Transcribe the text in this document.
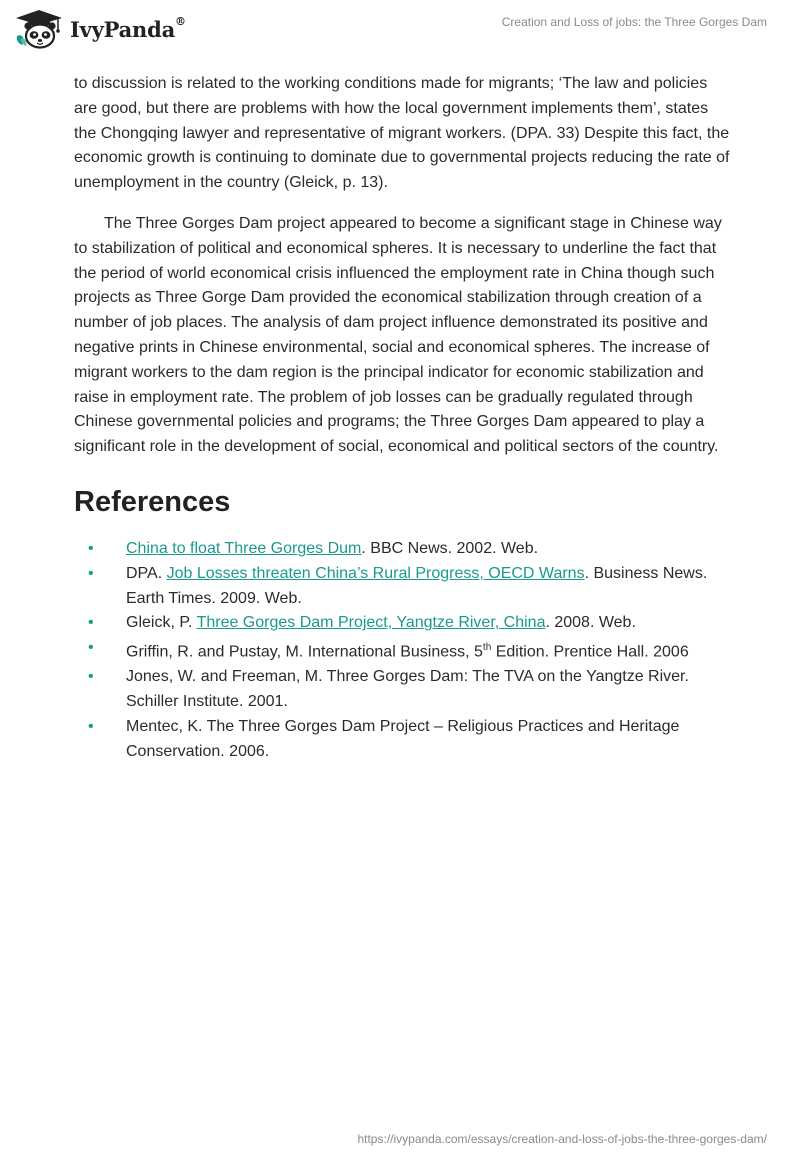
IvyPanda®	Creation and Loss of jobs: the Three Gorges Dam

to discussion is related to the working conditions made for migrants; ‘The law and policies are good, but there are problems with how the local government implements them’, states the Chongqing lawyer and representative of migrant workers. (DPA. 33) Despite this fact, the economic growth is continuing to dominate due to governmental projects reducing the rate of unemployment in the country (Gleick, p. 13).

The Three Gorges Dam project appeared to become a significant stage in Chinese way to stabilization of political and economical spheres. It is necessary to underline the fact that the period of world economical crisis influenced the employment rate in China though such projects as Three Gorge Dam provided the economical stabilization through creation of a number of job places. The analysis of dam project influence demonstrated its positive and negative prints in Chinese environmental, social and economical spheres. The increase of migrant workers to the dam region is the principal indicator for economic stabilization and raise in employment rate. The problem of job losses can be gradually regulated through Chinese governmental policies and programs; the Three Gorges Dam appeared to play a significant role in the development of social, economical and political sectors of the country.

References
• China to float Three Gorges Dum. BBC News. 2002. Web.
• DPA. Job Losses threaten China’s Rural Progress, OECD Warns. Business News. Earth Times. 2009. Web.
• Gleick, P. Three Gorges Dam Project, Yangtze River, China. 2008. Web.
• Griffin, R. and Pustay, M. International Business, 5th Edition. Prentice Hall. 2006
• Jones, W. and Freeman, M. Three Gorges Dam: The TVA on the Yangtze River. Schiller Institute. 2001.
• Mentec, K. The Three Gorges Dam Project – Religious Practices and Heritage Conservation. 2006.
https://ivypanda.com/essays/creation-and-loss-of-jobs-the-three-gorges-dam/
